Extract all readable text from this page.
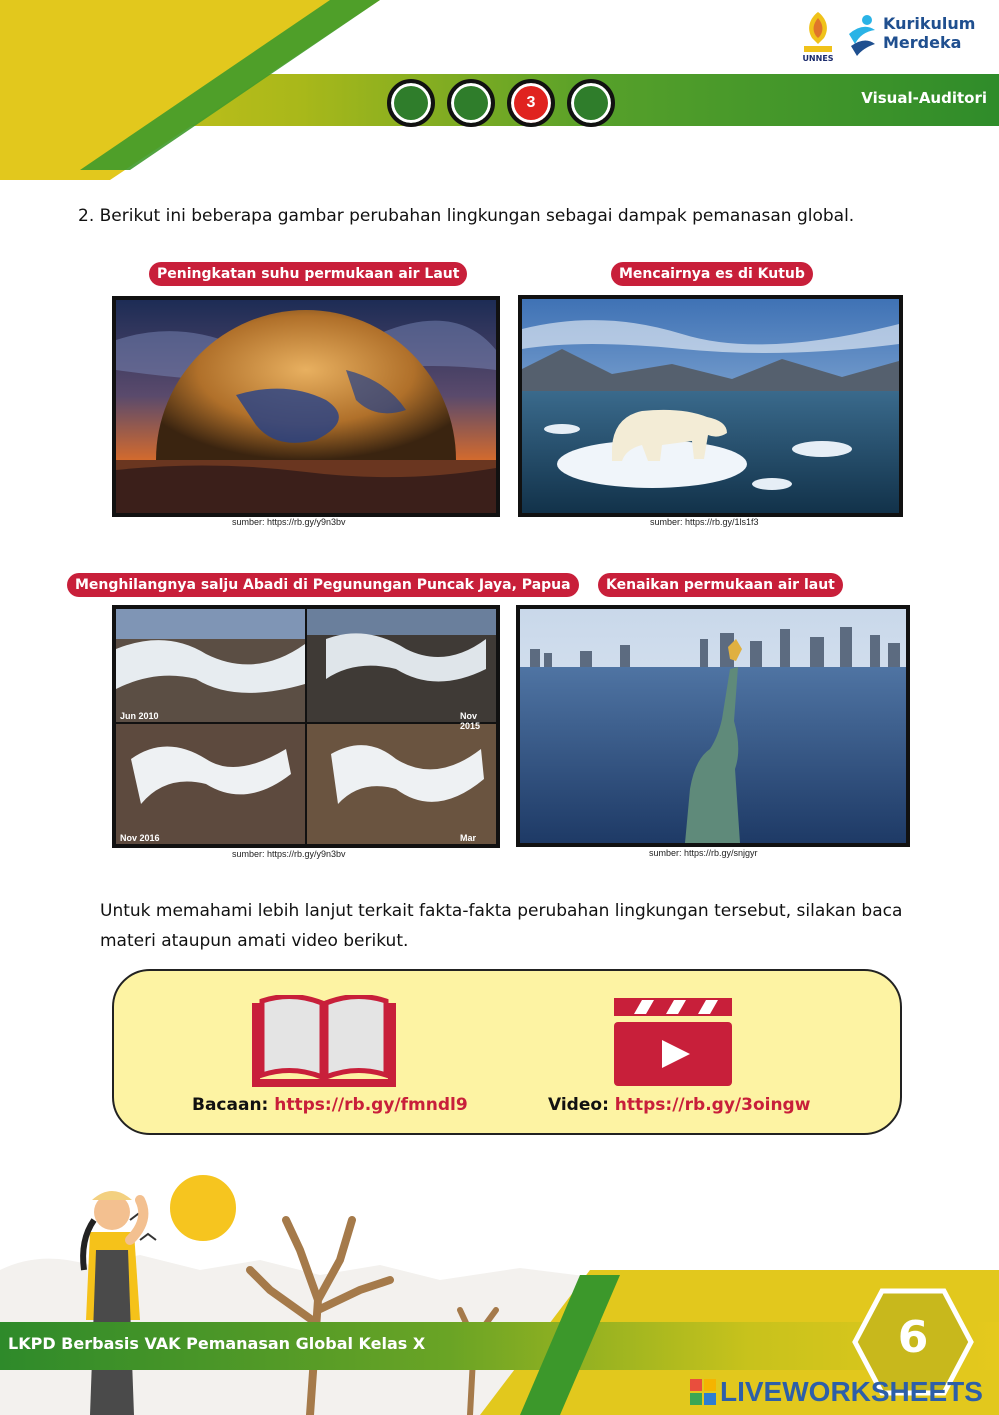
3	Visual-Auditori
UNNES
Kurikulum
Merdeka
2. Berikut ini beberapa gambar perubahan lingkungan sebagai dampak pemanasan global.
Peningkatan suhu permukaan air Laut
sumber: https://rb.gy/y9n3bv
Mencairnya es di Kutub
sumber: https://rb.gy/1ls1f3
Menghilangnya salju Abadi di Pegunungan Puncak Jaya, Papua
Jun 2010	Nov 2015
Nov 2016	Mar 2018
sumber: https://rb.gy/y9n3bv
Kenaikan permukaan air laut
sumber: https://rb.gy/snjgyr
Untuk memahami lebih lanjut terkait fakta-fakta perubahan lingkungan tersebut, silakan baca materi ataupun amati video berikut.
Bacaan: https://rb.gy/fmndl9	Video: https://rb.gy/3oingw
LKPD Berbasis VAK Pemanasan Global Kelas X	6
LIVEWORKSHEETS
